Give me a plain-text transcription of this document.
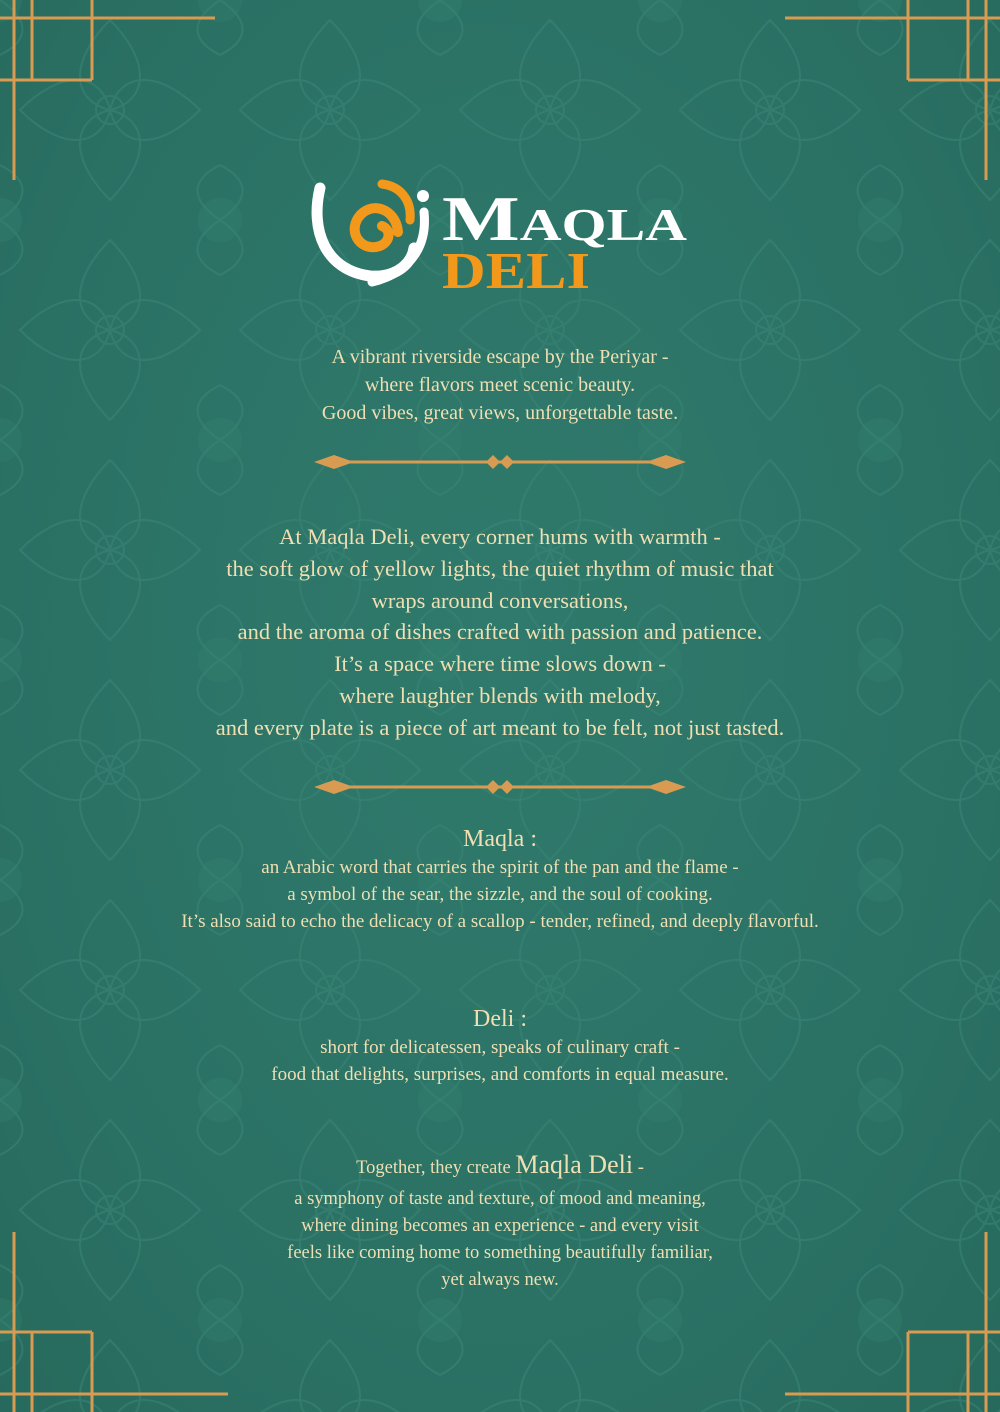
Maqla
DELI

A vibrant riverside escape by the Periyar -

where flavors meet scenic beauty.

Good vibes, great views, unforgettable taste.

At Maqla Deli, every corner hums with warmth -

the soft glow of yellow lights, the quiet rhythm of music that

wraps around conversations,

and the aroma of dishes crafted with passion and patience.

It’s a space where time slows down -

where laughter blends with melody,

and every plate is a piece of art meant to be felt, not just tasted.

Maqla :

an Arabic word that carries the spirit of the pan and the flame -

a symbol of the sear, the sizzle, and the soul of cooking.

It’s also said to echo the delicacy of a scallop - tender, refined, and deeply flavorful.

Deli :

short for delicatessen, speaks of culinary craft -

food that delights, surprises, and comforts in equal measure.

Together, they create Maqla Deli -

a symphony of taste and texture, of mood and meaning,

where dining becomes an experience - and every visit

feels like coming home to something beautifully familiar,

yet always new.
